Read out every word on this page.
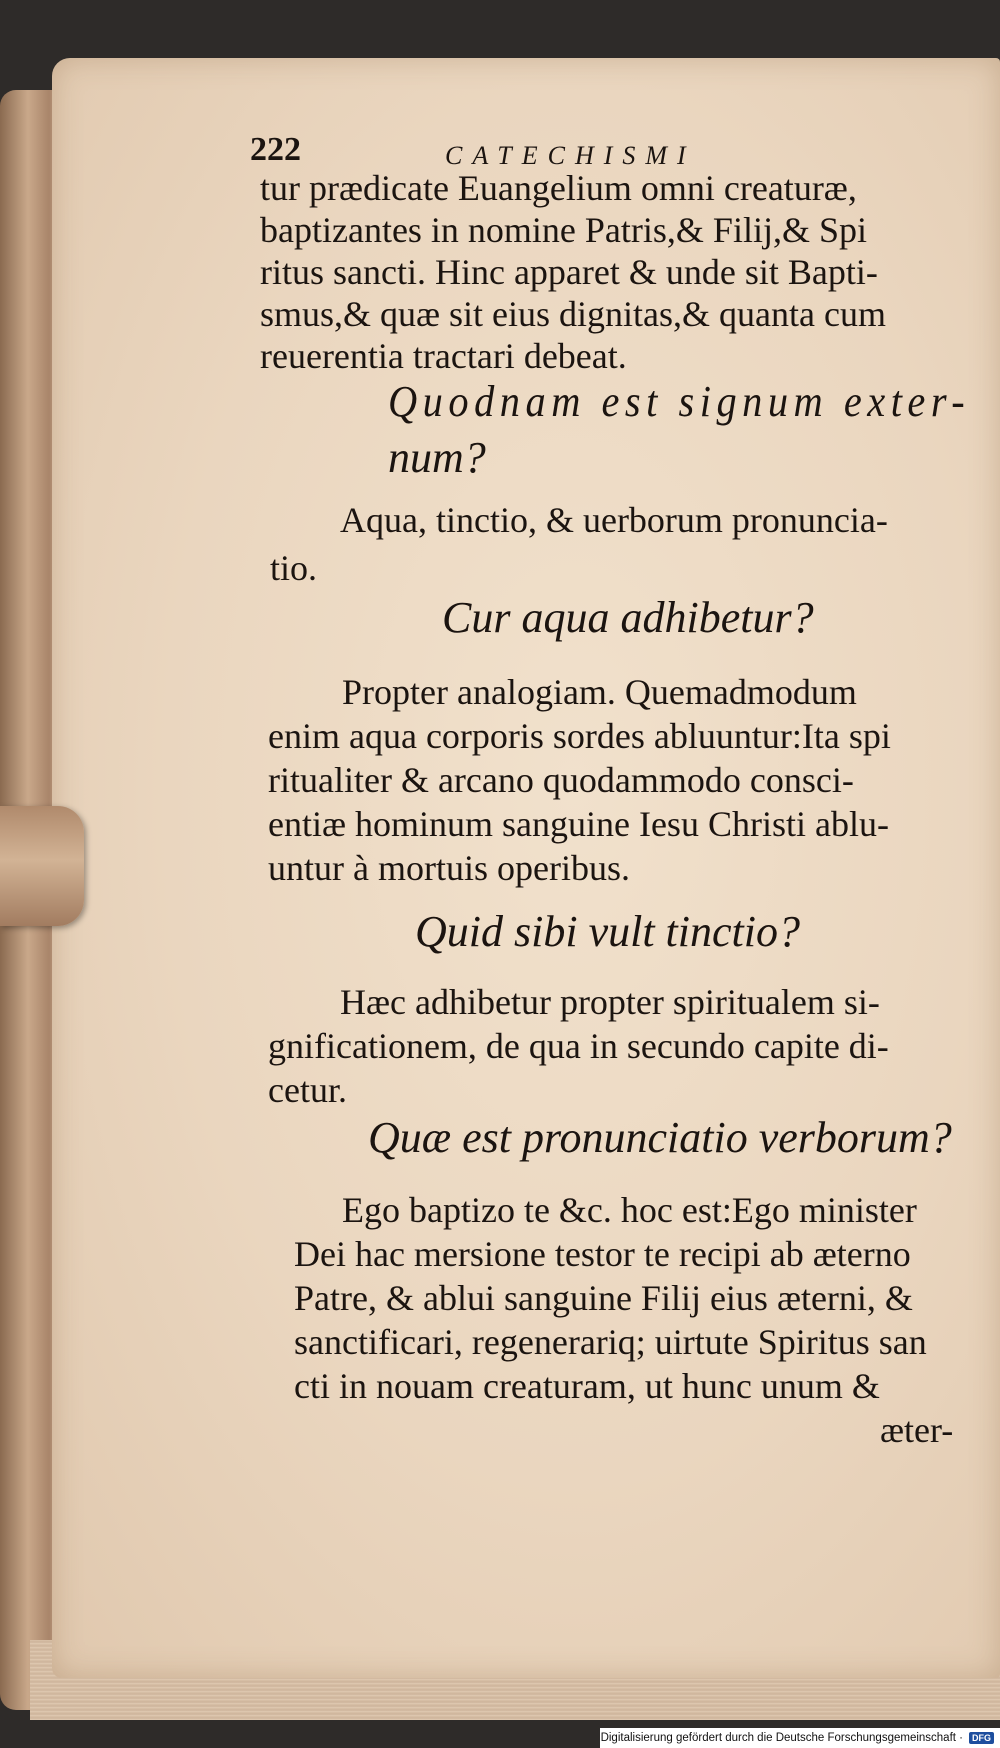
222	CATECHISMI
tur prædicate Euangelium omni creaturæ,
baptizantes in nomine Patris,& Filij,& Spi
ritus sancti. Hinc apparet & unde sit Bapti-
smus,& quæ sit eius dignitas,& quanta cum
reuerentia tractari debeat.
Quodnam est signum exter-
num?
Aqua, tinctio, & uerborum pronuncia-
tio.
Cur aqua adhibetur?
Propter analogiam. Quemadmodum
enim aqua corporis sordes abluuntur:Ita spi
ritualiter & arcano quodammodo consci-
entiæ hominum sanguine Iesu Christi ablu-
untur à mortuis operibus.
Quid sibi vult tinctio?
Hæc adhibetur propter spiritualem si-
gnificationem, de qua in secundo capite di-
cetur.
Quæ est pronunciatio verborum?
Ego baptizo te &c. hoc est:Ego minister
Dei hac mersione testor te recipi ab æterno
Patre, & ablui sanguine Filij eius æterni, &
sanctificari, regenerariq; uirtute Spiritus san
cti in nouam creaturam, ut hunc unum &
æter-
Digitalisierung gefördert durch die Deutsche Forschungsgemeinschaft ·	DFG
